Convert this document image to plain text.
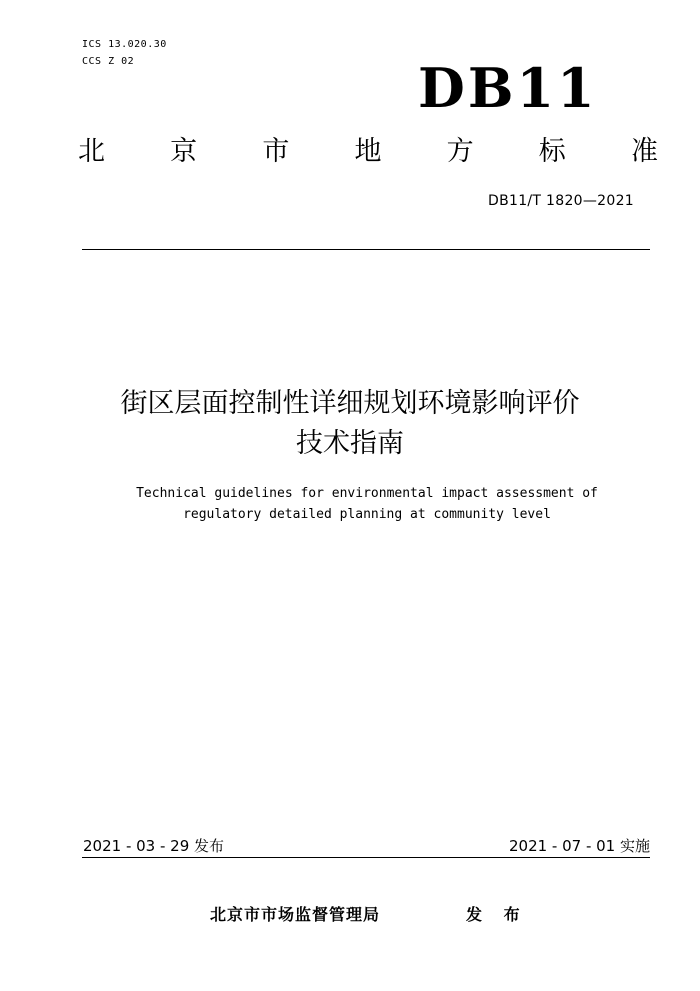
ICS 13.020.30
CCS Z 02	DB11
北 京 市 地 方 标 准
DB11/T 1820—2021
街区层面控制性详细规划环境影响评价
技术指南
Technical guidelines for environmental impact assessment of
regulatory detailed planning at community level
2021 - 03 - 29 发布	2021 - 07 - 01 实施
北京市市场监督管理局	发 布
